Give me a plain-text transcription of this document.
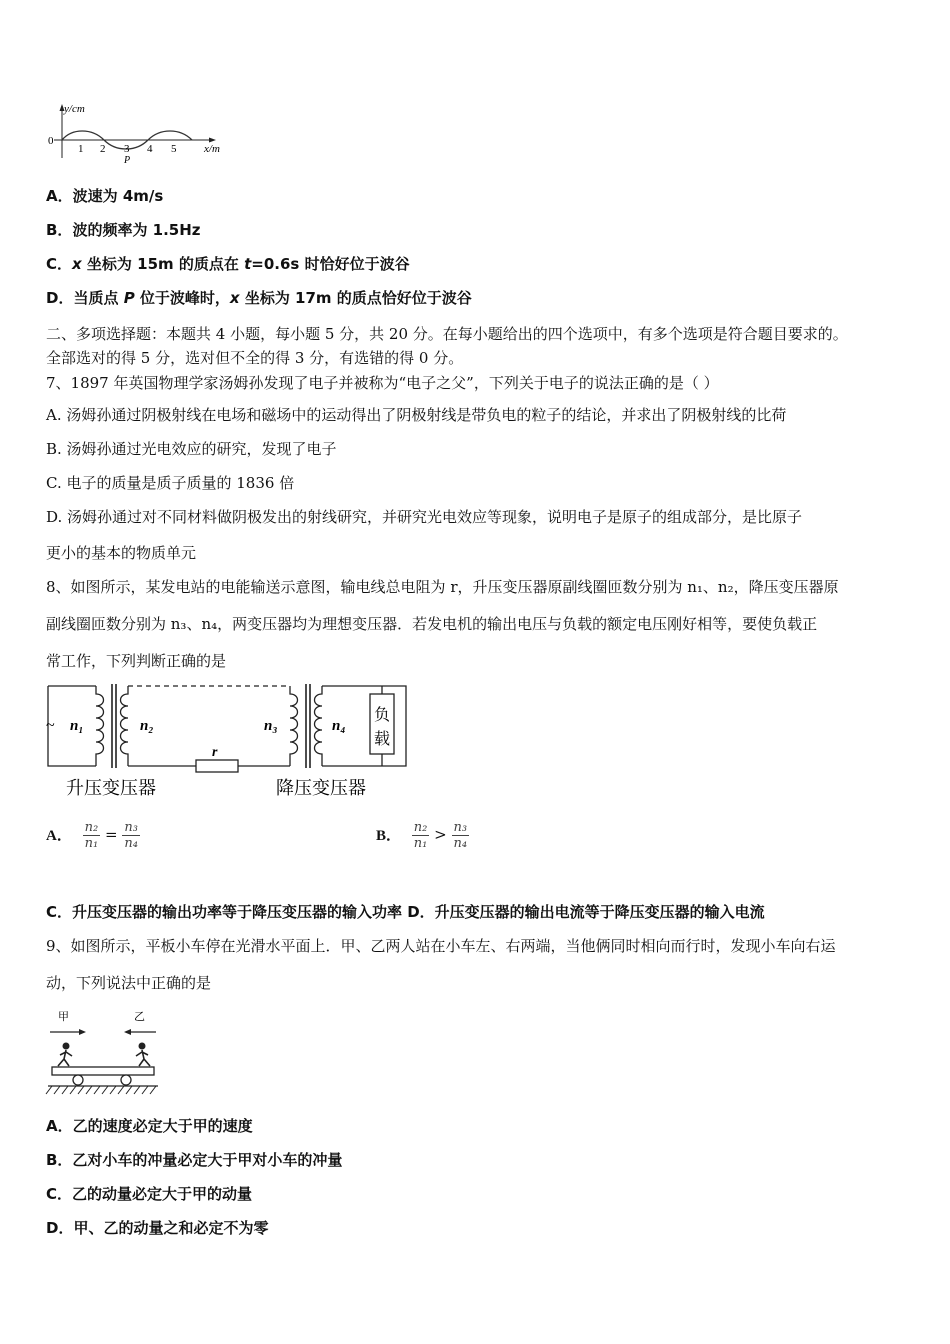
y/cm
0
1 2 3 4 5
P
x/m
A．波速为 4m/s
B．波的频率为 1.5Hz
C．x 坐标为 15m 的质点在 t=0.6s 时恰好位于波谷
D．当质点 P 位于波峰时，x 坐标为 17m 的质点恰好位于波谷
二、多项选择题：本题共 4 小题，每小题 5 分，共 20 分。在每小题给出的四个选项中，有多个选项是符合题目要求的。
全部选对的得 5 分，选对但不全的得 3 分，有选错的得 0 分。
7、1897 年英国物理学家汤姆孙发现了电子并被称为“电子之父”，下列关于电子的说法正确的是（ ）
A. 汤姆孙通过阴极射线在电场和磁场中的运动得出了阴极射线是带负电的粒子的结论，并求出了阴极射线的比荷
B. 汤姆孙通过光电效应的研究，发现了电子
C. 电子的质量是质子质量的 1836 倍
D. 汤姆孙通过对不同材料做阴极发出的射线研究，并研究光电效应等现象，说明电子是原子的组成部分，是比原子
更小的基本的物质单元
8、如图所示，某发电站的电能输送示意图，输电线总电阻为 r，升压变压器原副线圈匝数分别为 n₁、n₂，降压变压器原
副线圈匝数分别为 n₃、n₄，两变压器均为理想变压器．若发电机的输出电压与负载的额定电压刚好相等，要使负载正
常工作，下列判断正确的是
~ n₁	n₂	n₃	n₄
r
负
载
升压变压器	降压变压器
A． $\frac{\text{n₂}}{\text{n₁}} = \frac{\text{n₃}}{\text{n₄}}$	B． $\frac{\text{n₂}}{\text{n₁}} > \frac{\text{n₃}}{\text{n₄}}$
C．升压变压器的输出功率等于降压变压器的输入功率 D．升压变压器的输出电流等于降压变压器的输入电流
9、如图所示，平板小车停在光滑水平面上．甲、乙两人站在小车左、右两端，当他俩同时相向而行时，发现小车向右运
动，下列说法中正确的是
甲	乙
A．乙的速度必定大于甲的速度
B．乙对小车的冲量必定大于甲对小车的冲量
C．乙的动量必定大于甲的动量
D．甲、乙的动量之和必定不为零
